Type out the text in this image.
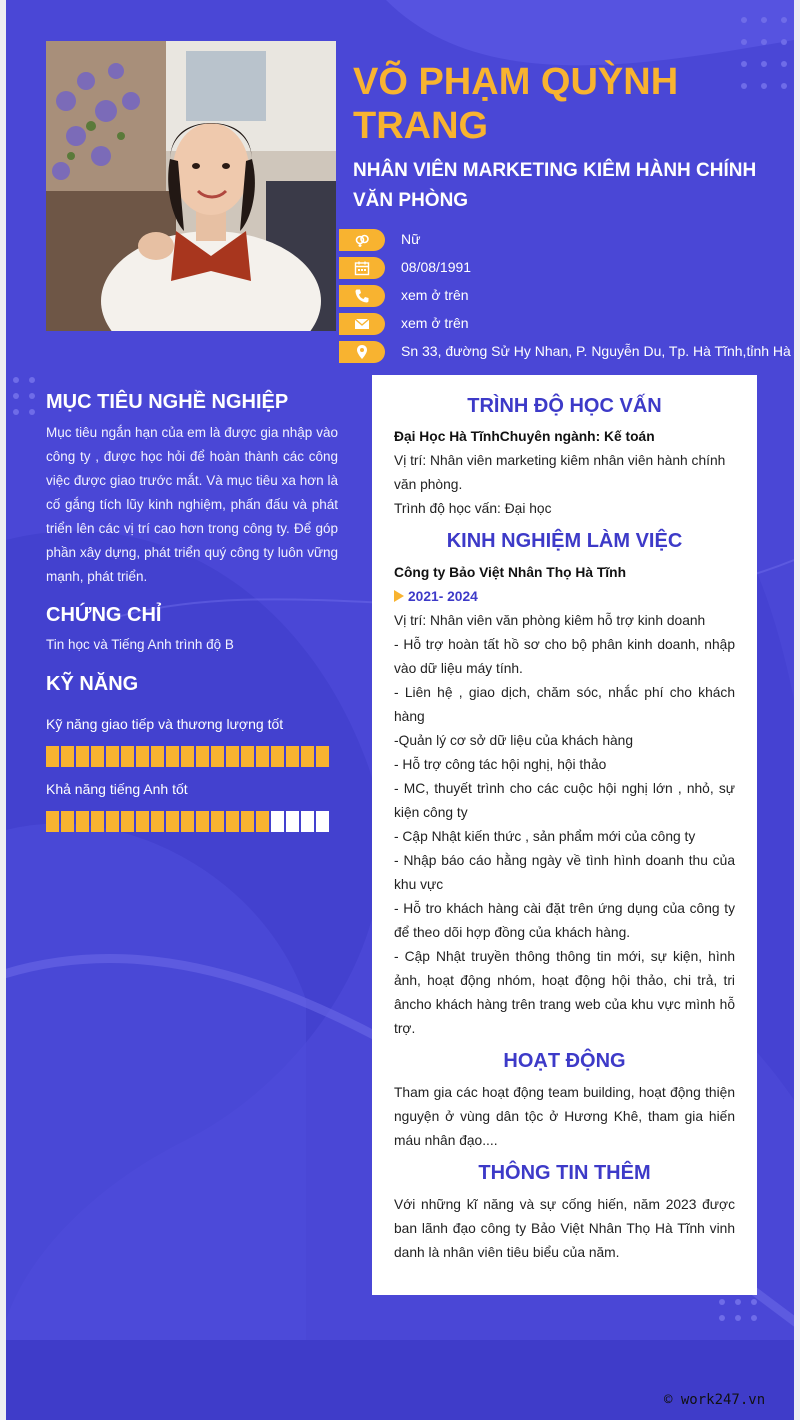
VÕ PHẠM QUỲNH TRANG
NHÂN VIÊN MARKETING KIÊM HÀNH CHÍNH VĂN PHÒNG
Nữ
08/08/1991
xem ở trên
xem ở trên
Sn 33, đường Sử Hy Nhan, P. Nguyễn Du, Tp. Hà Tĩnh,tỉnh Hà
MỤC TIÊU NGHỀ NGHIỆP
Mục tiêu ngắn hạn của em là được gia nhập vào công ty , được học hỏi để hoàn thành các công việc được giao trước mắt. Và mục tiêu xa hơn là cố gắng tích lũy kinh nghiệm, phấn đấu và phát triển lên các vị trí cao hơn trong công ty. Để góp phần xây dựng, phát triển quý công ty luôn vững mạnh, phát triển.
CHỨNG CHỈ
Tin học và Tiếng Anh trình độ B
KỸ NĂNG
Kỹ năng giao tiếp và thương lượng tốt
Khả năng tiếng Anh tốt
TRÌNH ĐỘ HỌC VẤN
Đại Học Hà TĩnhChuyên ngành: Kế toán
Vị trí: Nhân viên marketing kiêm nhân viên hành chính văn phòng.
Trình độ học vấn: Đại học
KINH NGHIỆM LÀM VIỆC
Công ty Bảo Việt Nhân Thọ Hà Tĩnh
2021- 2024
Vị trí: Nhân viên văn phòng kiêm hỗ trợ kinh doanh
- Hỗ trợ hoàn tất hồ sơ cho bộ phân kinh doanh, nhập vào dữ liệu máy tính.
- Liên hệ , giao dịch, chăm sóc, nhắc phí cho khách hàng
-Quản lý cơ sở dữ liệu của khách hàng
- Hỗ trợ công tác hội nghị, hội thảo
- MC, thuyết trình cho các cuộc hội nghị lớn , nhỏ, sự kiện công ty
- Cập Nhật kiến thức , sản phẩm mới của công ty
- Nhập báo cáo hằng ngày về tình hình doanh thu của khu vực
- Hỗ tro khách hàng cài đặt trên ứng dụng của công ty để theo dõi hợp đồng của khách hàng.
- Cập Nhật truyền thông thông tin mới, sự kiện, hình ảnh, hoạt động nhóm, hoạt động hội thảo, chi trả, tri âncho khách hàng trên trang web của khu vực mình hỗ trợ.
HOẠT ĐỘNG
Tham gia các hoạt động team building, hoạt động thiện nguyện ở vùng dân tộc ở Hương Khê, tham gia hiến máu nhân đạo....
THÔNG TIN THÊM
Với những kĩ năng và sự cống hiến, năm 2023 được ban lãnh đạo công ty Bảo Việt Nhân Thọ Hà Tĩnh vinh danh là nhân viên tiêu biểu của năm.
© work247.vn
